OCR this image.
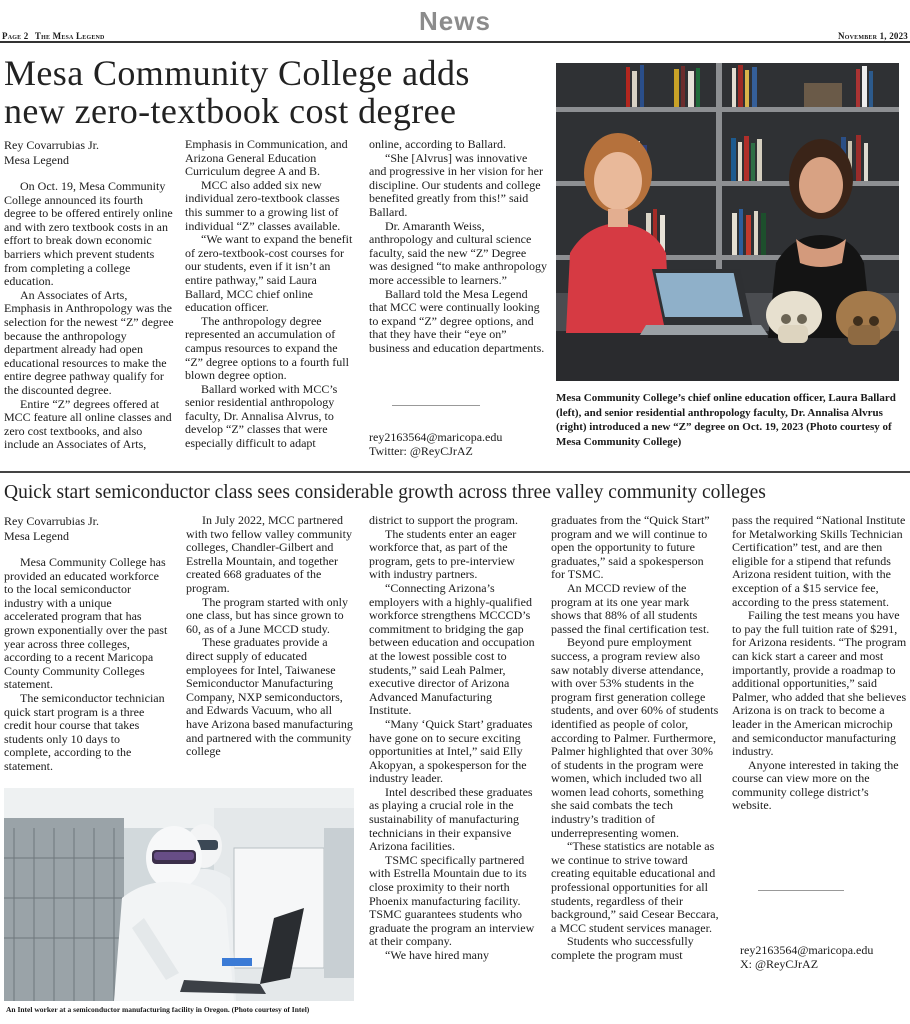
News
Page 2 The Mesa Legend	November 1, 2023
Mesa Community College adds
new zero-textbook cost degree
Rey Covarrubias Jr.
Mesa Legend

On Oct. 19, Mesa Community College announced its fourth degree to be offered entirely online and with zero textbook costs in an effort to break down economic barriers which prevent students from completing a college education.

An Associates of Arts, Emphasis in Anthropology was the selection for the newest “Z” degree because the anthropology department already had open educational resources to make the entire degree pathway qualify for the discounted degree.

Entire “Z” degrees offered at MCC feature all online classes and zero cost textbooks, and also include an Associates of Arts,

Emphasis in Communication, and Arizona General Education Curriculum degree A and B.

MCC also added six new individual zero-textbook classes this summer to a growing list of individual “Z” classes available.

“We want to expand the benefit of zero-textbook-cost courses for our students, even if it isn’t an entire pathway,” said Laura Ballard, MCC chief online education officer.

The anthropology degree represented an accumulation of campus resources to expand the “Z” degree options to a fourth full blown degree option.

Ballard worked with MCC’s senior residential anthropology faculty, Dr. Annalisa Alvrus, to develop “Z” classes that were especially difficult to adapt

online, according to Ballard.

“She [Alvrus] was innovative and progressive in her vision for her discipline. Our students and college benefited greatly from this!” said Ballard.

Dr. Amaranth Weiss, anthropology and cultural science faculty, said the new “Z” Degree was designed “to make anthropology more accessible to learners.”

Ballard told the Mesa Legend that MCC were continually looking to expand “Z” degree options, and that they have their “eye on” business and education departments.

rey2163564@maricopa.edu
Twitter: @ReyCJrAZ
Mesa Community College’s chief online education officer, Laura Ballard (left), and senior residential anthropology faculty, Dr. Annalisa Alvrus (right) introduced a new “Z” degree on Oct. 19, 2023 (Photo courtesy of Mesa Community College)
Quick start semiconductor class sees considerable growth across three valley community colleges
Rey Covarrubias Jr.
Mesa Legend

Mesa Community College has provided an educated workforce to the local semiconductor industry with a unique accelerated program that has grown exponentially over the past year across three colleges, according to a recent Maricopa County Community Colleges statement.

The semiconductor technician quick start program is a three credit hour course that takes students only 10 days to complete, according to the statement.

In July 2022, MCC partnered with two fellow valley community colleges, Chandler-Gilbert and Estrella Mountain, and together created 668 graduates of the program.

The program started with only one class, but has since grown to 60, as of a June MCCD study.

These graduates provide a direct supply of educated employees for Intel, Taiwanese Semiconductor Manufacturing Company, NXP semiconductors, and Edwards Vacuum, who all have Arizona based manufacturing and partnered with the community college

district to support the program.

The students enter an eager workforce that, as part of the program, gets to pre-interview with industry partners.

“Connecting Arizona’s employers with a highly-qualified workforce strengthens MCCCD’s commitment to bridging the gap between education and occupation at the lowest possible cost to students,” said Leah Palmer, executive director of Arizona Advanced Manufacturing Institute.

“Many ‘Quick Start’ graduates have gone on to secure exciting opportunities at Intel,” said Elly Akopyan, a spokesperson for the industry leader.

Intel described these graduates as playing a crucial role in the sustainability of manufacturing technicians in their expansive Arizona facilities.

TSMC specifically partnered with Estrella Mountain due to its close proximity to their north Phoenix manufacturing facility. TSMC guarantees students who graduate the program an interview at their company.

“We have hired many

graduates from the “Quick Start” program and we will continue to open the opportunity to future graduates,” said a spokesperson for TSMC.

An MCCD review of the program at its one year mark shows that 88% of all students passed the final certification test.

Beyond pure employment success, a program review also saw notably diverse attendance, with over 53% students in the program first generation college students, and over 60% of students identified as people of color, according to Palmer. Furthermore, Palmer highlighted that over 30% of students in the program were women, which included two all women lead cohorts, something she said combats the tech industry’s tradition of underrepresenting women.

“These statistics are notable as we continue to strive toward creating equitable educational and professional opportunities for all students, regardless of their background,” said Cesear Beccara, a MCC student services manager.

Students who successfully complete the program must

pass the required “National Institute for Metalworking Skills Technician Certification” test, and are then eligible for a stipend that refunds Arizona resident tuition, with the exception of a $15 service fee, according to the press statement.

Failing the test means you have to pay the full tuition rate of $291, for Arizona residents. “The program can kick start a career and most importantly, provide a roadmap to additional opportunities,” said Palmer, who added that she believes Arizona is on track to become a leader in the American microchip and semiconductor manufacturing industry.

Anyone interested in taking the course can view more on the community college district’s website.

rey2163564@maricopa.edu
X: @ReyCJrAZ
An Intel worker at a semiconductor manufacturing facility in Oregon. (Photo courtesy of Intel)
